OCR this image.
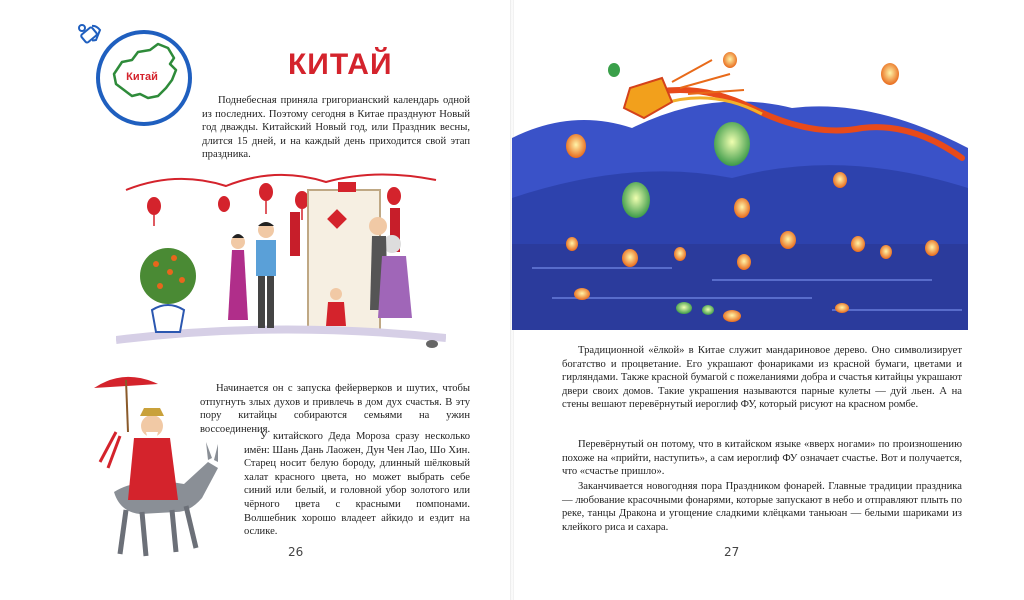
Китай	КИТАЙ

Поднебесная приняла григорианский календарь одной из последних. Поэтому сегодня в Китае празднуют Новый год дважды. Китайский Новый год, или Праздник весны, длится 15 дней, и на каждый день приходится свой этап праздника.

Начинается он с запуска фейерверков и шутих, чтобы отпугнуть злых духов и привлечь в дом дух счастья. В эту пору китайцы собираются семьями на ужин воссоединения.

У китайского Деда Мороза сразу несколько имён: Шань Дань Лаожен, Дун Чен Лао, Шо Хин. Старец носит белую бороду, длинный шёлковый халат красного цвета, но может выбрать себе синий или белый, и головной убор золотого или чёрного цвета с красными помпонами. Волшебник хорошо владеет айкидо и ездит на ослике.

26

Традиционной «ёлкой» в Китае служит мандариновое дерево. Оно символизирует богатство и процветание. Его украшают фонариками из красной бумаги, цветами и гирляндами. Также красной бумагой с пожеланиями добра и счастья китайцы украшают двери своих домов. Такие украшения называются парные кулеты — дуй льен. А на стены вешают перевёрнутый иероглиф ФУ, который рисуют на красном ромбе.

Перевёрнутый он потому, что в китайском языке «вверх ногами» по произношению похоже на «прийти, наступить», а сам иероглиф ФУ означает счастье. Вот и получается, что «счастье пришло».

Заканчивается новогодняя пора Праздником фонарей. Главные традиции праздника — любование красочными фонарями, которые запускают в небо и отправляют плыть по реке, танцы Дракона и угощение сладкими клёцками таньюан — белыми шариками из клейкого риса и сахара.

27
